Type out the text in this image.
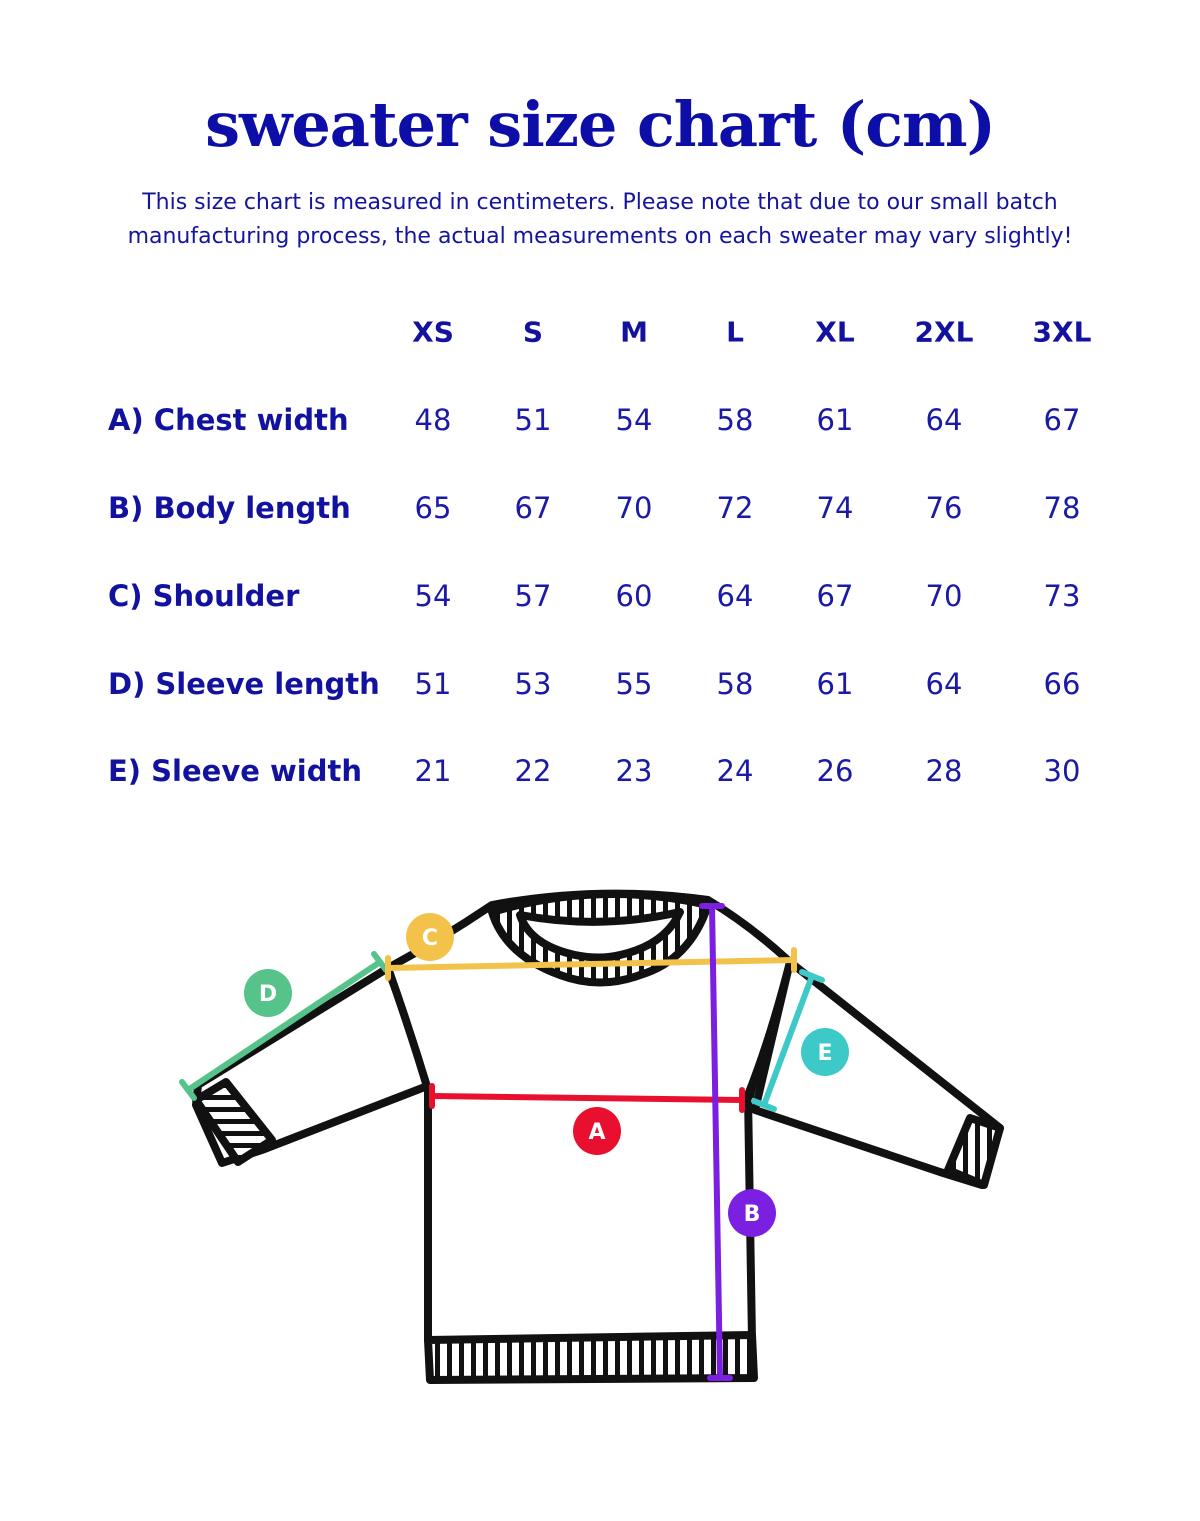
sweater size chart (cm)

This size chart is measured in centimeters. Please note that due to our small batch manufacturing process, the actual measurements on each sweater may vary slightly!

XS S	M	L	XL 2XL 3XL
A) Chest width 48 51 54 58 61 64	67
B) Body length 65 67 70 72 74 76	78
C) Shoulder	54 57 60 64 67 70	73
D) Sleeve length 51 53 55 58 61 64	66
E) Sleeve width 21 22 23 24 26 28	30
C
D
E
A
B
